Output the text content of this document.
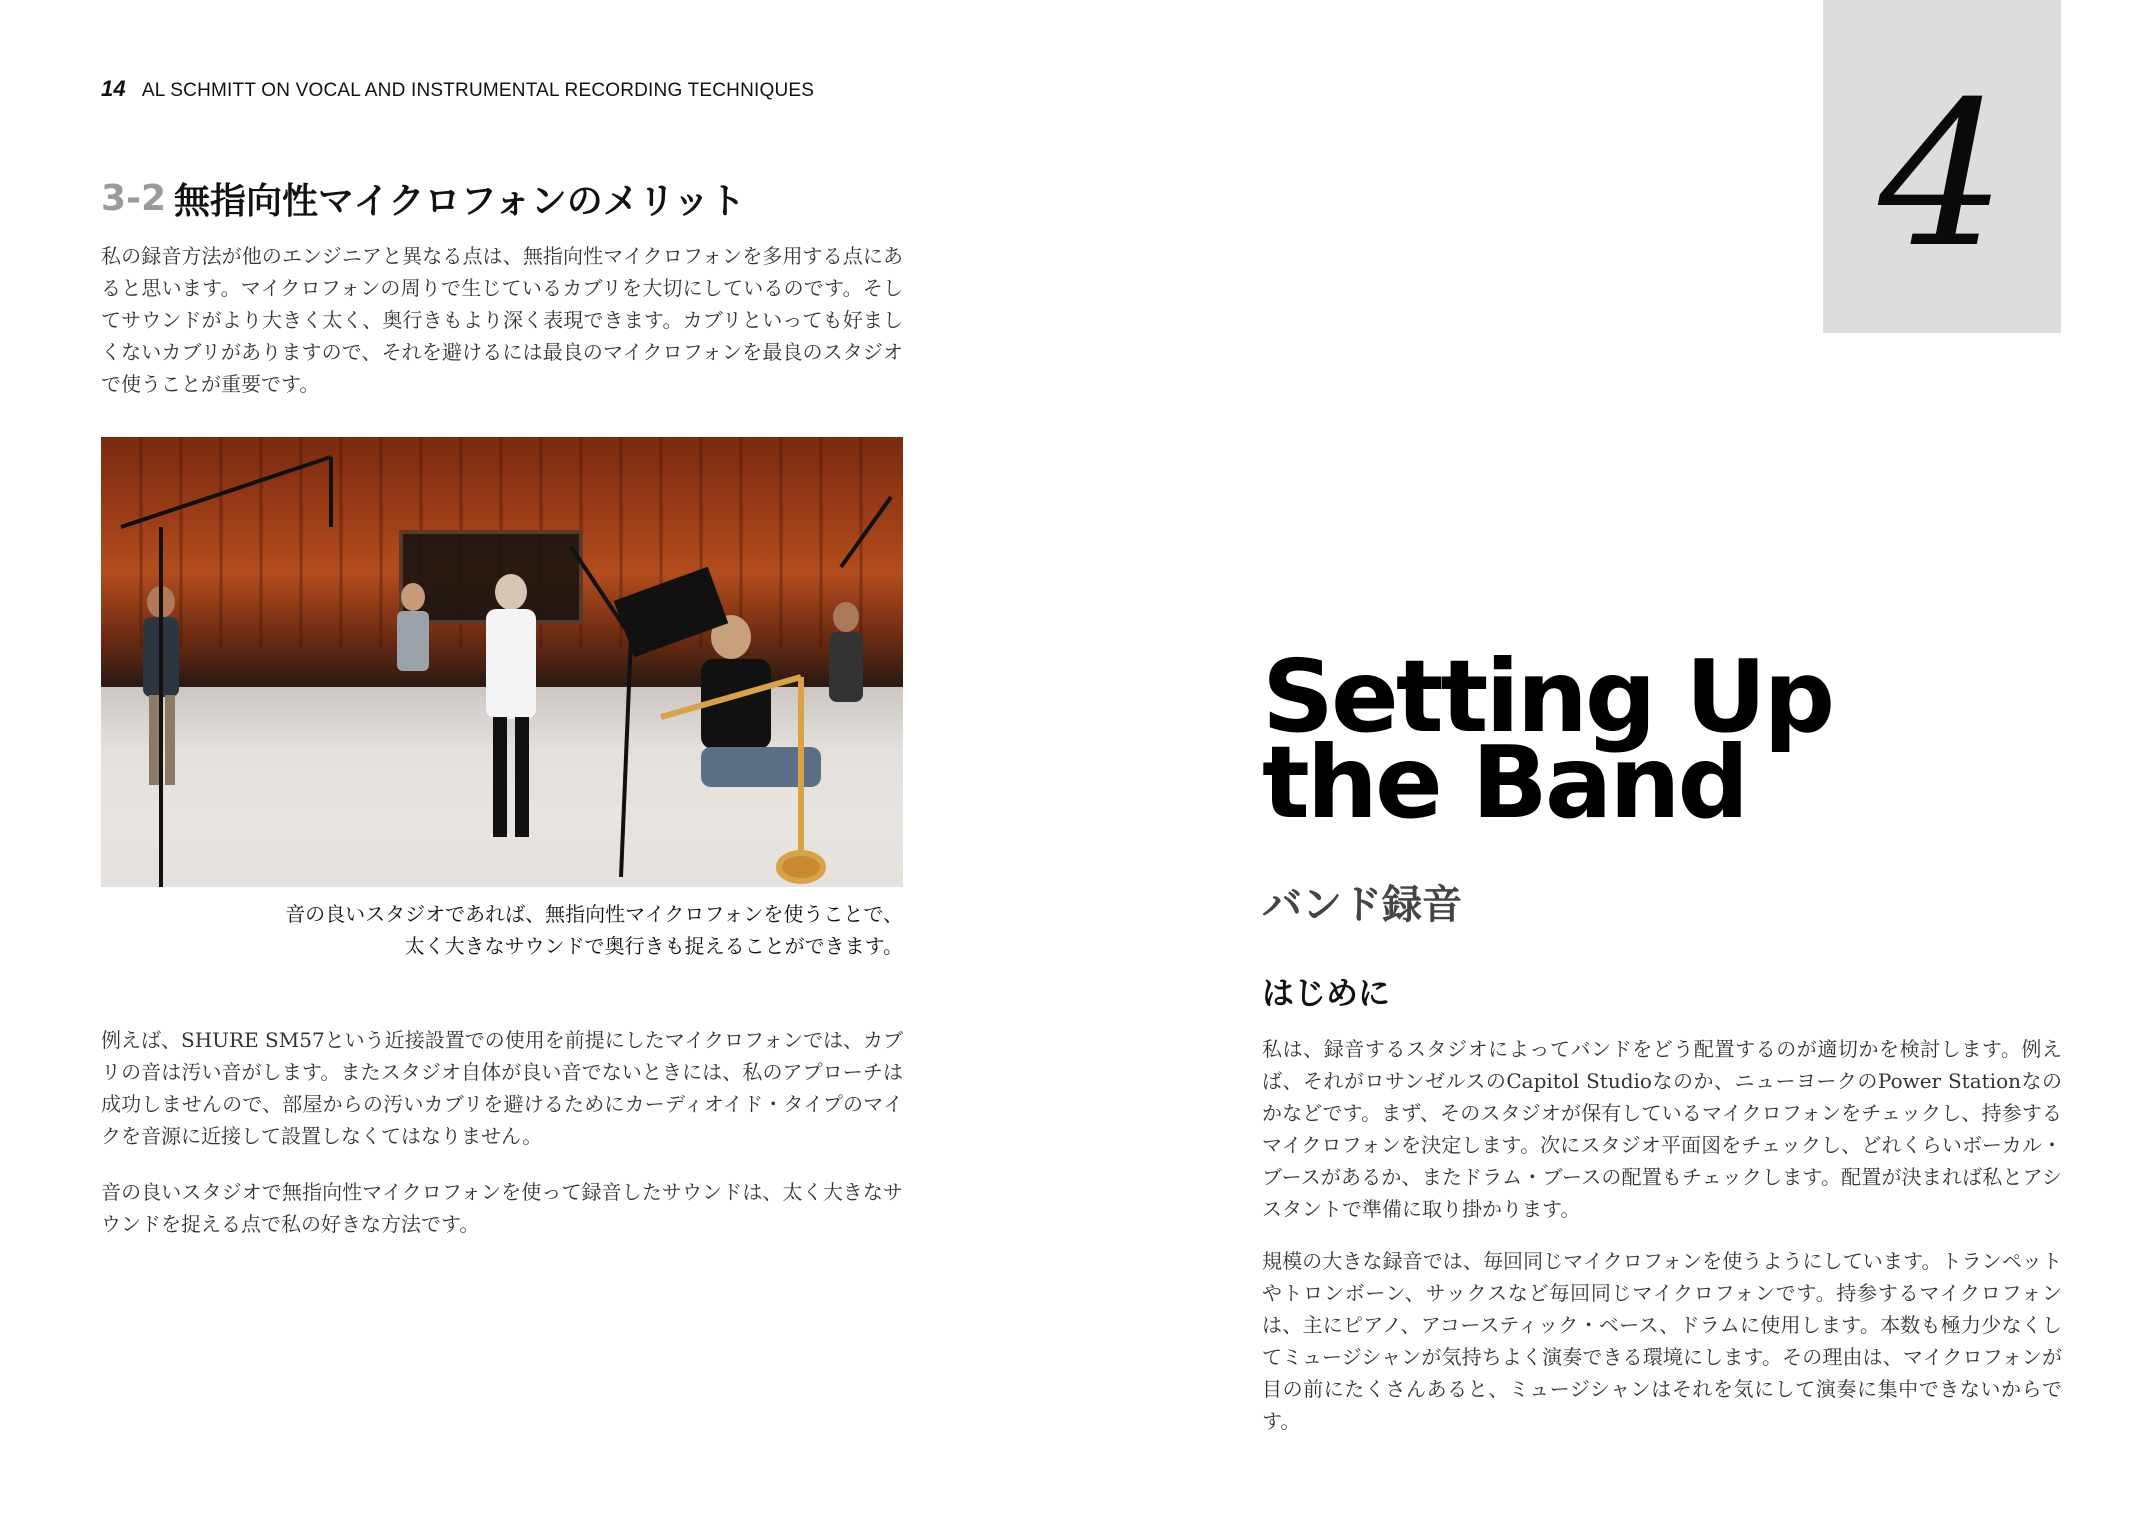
14 AL SCHMITT ON VOCAL AND INSTRUMENTAL RECORDING TECHNIQUES
3-2 無指向性マイクロフォンのメリット

私の録音方法が他のエンジニアと異なる点は、無指向性マイクロフォンを多用する点にあると思います。マイクロフォンの周りで生じているカブリを大切にしているのです。そしてサウンドがより大きく太く、奥行きもより深く表現できます。カブリといっても好ましくないカブリがありますので、それを避けるには最良のマイクロフォンを最良のスタジオで使うことが重要です。

音の良いスタジオであれば、無指向性マイクロフォンを使うことで、
太く大きなサウンドで奥行きも捉えることができます。

例えば、SHURE SM57という近接設置での使用を前提にしたマイクロフォンでは、カブリの音は汚い音がします。またスタジオ自体が良い音でないときには、私のアプローチは成功しませんので、部屋からの汚いカブリを避けるためにカーディオイド・タイプのマイクを音源に近接して設置しなくてはなりません。

音の良いスタジオで無指向性マイクロフォンを使って録音したサウンドは、太く大きなサウンドを捉える点で私の好きな方法です。

4
Setting Up
the Band
バンド録音
はじめに

私は、録音するスタジオによってバンドをどう配置するのが適切かを検討します。例えば、それがロサンゼルスのCapitol Studioなのか、ニューヨークのPower Stationなのかなどです。まず、そのスタジオが保有しているマイクロフォンをチェックし、持参するマイクロフォンを決定します。次にスタジオ平面図をチェックし、どれくらいボーカル・ブースがあるか、またドラム・ブースの配置もチェックします。配置が決まれば私とアシスタントで準備に取り掛かります。

規模の大きな録音では、毎回同じマイクロフォンを使うようにしています。トランペットやトロンボーン、サックスなど毎回同じマイクロフォンです。持参するマイクロフォンは、主にピアノ、アコースティック・ベース、ドラムに使用します。本数も極力少なくしてミュージシャンが気持ちよく演奏できる環境にします。その理由は、マイクロフォンが目の前にたくさんあると、ミュージシャンはそれを気にして演奏に集中できないからです。
